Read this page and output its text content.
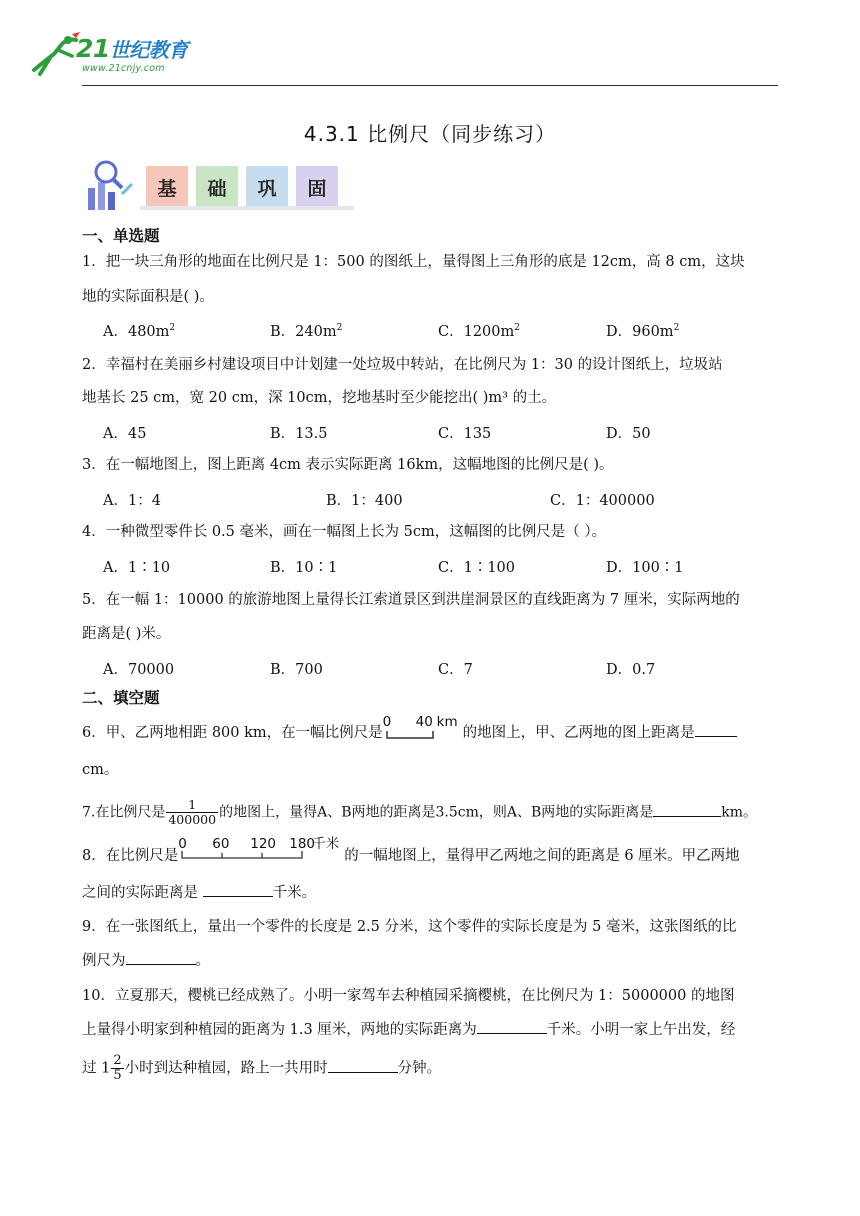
21世纪教育
www.21cnjy.com
4.3.1 比例尺（同步练习）
基	础	巩	固
一、单选题
1．把一块三角形的地面在比例尺是 1：500 的图纸上，量得图上三角形的底是 12cm，高 8 cm，这块
地的实际面积是( )。
A．$480m^2$	B．$240m^2$	C．$1200m^2$	D．$960m^2$
2．幸福村在美丽乡村建设项目中计划建一处垃圾中转站，在比例尺为 1：30 的设计图纸上，垃圾站
地基长 25 cm，宽 20 cm，深 10cm，挖地基时至少能挖出( )m³ 的土。
A．45	B．13.5	C．135	D．50
3．在一幅地图上，图上距离 4cm 表示实际距离 16km，这幅地图的比例尺是( )。
A．1：4	B．1：400	C．1：400000
4．一种微型零件长 0.5 毫米，画在一幅图上长为 5cm，这幅图的比例尺是（ ）。
A．1∶10	B．10∶1	C．1∶100	D．100∶1
5．在一幅 1：10000 的旅游地图上量得长江索道景区到洪崖洞景区的直线距离为 7 厘米，实际两地的
距离是( )米。
A．70000	B．700	C．7	D．0.7
二、填空题
6．甲、乙两地相距 800 km，在一幅比例尺是
0 40 km
的地图上，甲、乙两地的图上距离是
cm。
7.在比例尺是 $\frac{1}{400000}$ 的地图上，量得A、B两地的距离是3.5cm，则A、B两地的实际距离是	km。
8．在比例尺是
0 60 120 180
千米
的一幅地图上，量得甲乙两地之间的距离是 6 厘米。甲乙两地
之间的实际距离是	千米。
9．在一张图纸上，量出一个零件的长度是 2.5 分米，这个零件的实际长度是为 5 毫米，这张图纸的比
例尺为	。
10．立夏那天，樱桃已经成熟了。小明一家驾车去种植园采摘樱桃，在比例尺为 1：5000000 的地图
上量得小明家到种植园的距离为 1.3 厘米，两地的实际距离为	千米。小明一家上午出发，经
过 $1 \frac{2}{5}$ 小时到达种植园，路上一共用时	分钟。
